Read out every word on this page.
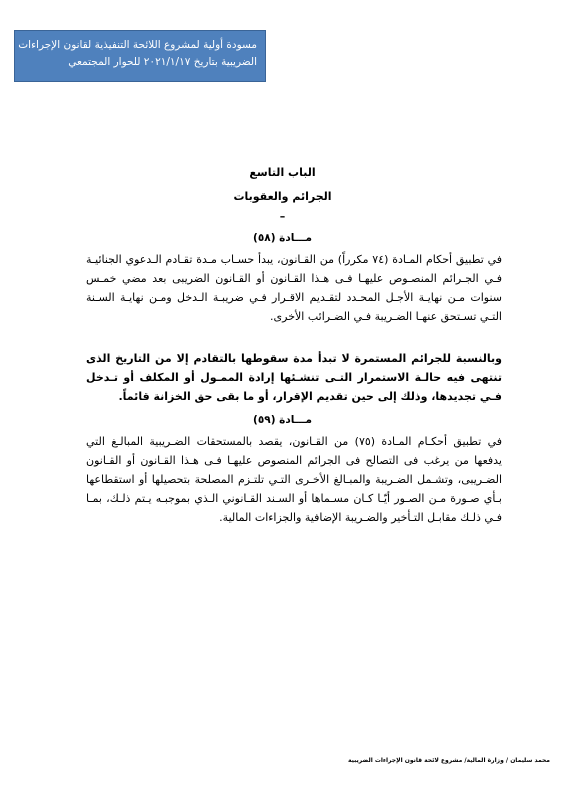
مسودة أولية لمشروع اللائحة التنفيذية لقانون الإجراءات
الضريبية بتاريخ ٢٠٢١/١/١٧ للحوار المجتمعي
الباب التاسع
الجرائم والعقوبات
–
مـــادة (٥٨)
في تطبيق أحكام المـادة (٧٤ مكرراً) من القـانون، يبدأ حسـاب مـدة تقـادم الـدعوي الجنائيـة فـي الجـرائم المنصـوص عليهـا فـى هـذا القـانون أو القـانون الضريبى بعد مضي خمـس سنوات مـن نهايـة الأجـل المحـدد لتقـديم الاقـرار فـي ضريبـة الـدخل ومـن نهايـة السـنة التـي تسـتحق عنهـا الضـريبة فـي الضـرائب الأخرى.
وبالنسبة للجرائم المستمرة لا تبدأ مدة سقوطها بالتقادم إلا من التاريخ الذى تنتهى فيه حالـة الاستمرار التـى تنشـئها إرادة الممـول أو المكلف أو تـدخل فـي تجديدها، وذلك إلى حين تقديم الإقرار، أو ما بقى حق الخزانة قائماً.
مـــادة (٥٩)
في تطبيق أحكـام المـادة (٧٥) من القـانون، يقصد بالمستحقات الضـريبية المبالـغ التي يدفعها من يرغب فى التصالح فى الجرائم المنصوص عليهـا فـى هـذا القـانون أو القـانون الضـريبى، وتشـمل الضـريبة والمبـالغ الأخـرى التـي تلتـزم المصلحة بتحصيلها أو استقطاعها بـأي صـورة مـن الصـور أيّـا كـان مسـماها أو السـند القـانوني الـذي بموجبـه يـتم ذلـك، بمـا فـي ذلـك مقابـل التـأخير والضـريبة الإضافية والجزاءات المالية.
محمد سليمان / وزارة المالية/ مشروع لائحة قانون الإجراءات الضريبية
